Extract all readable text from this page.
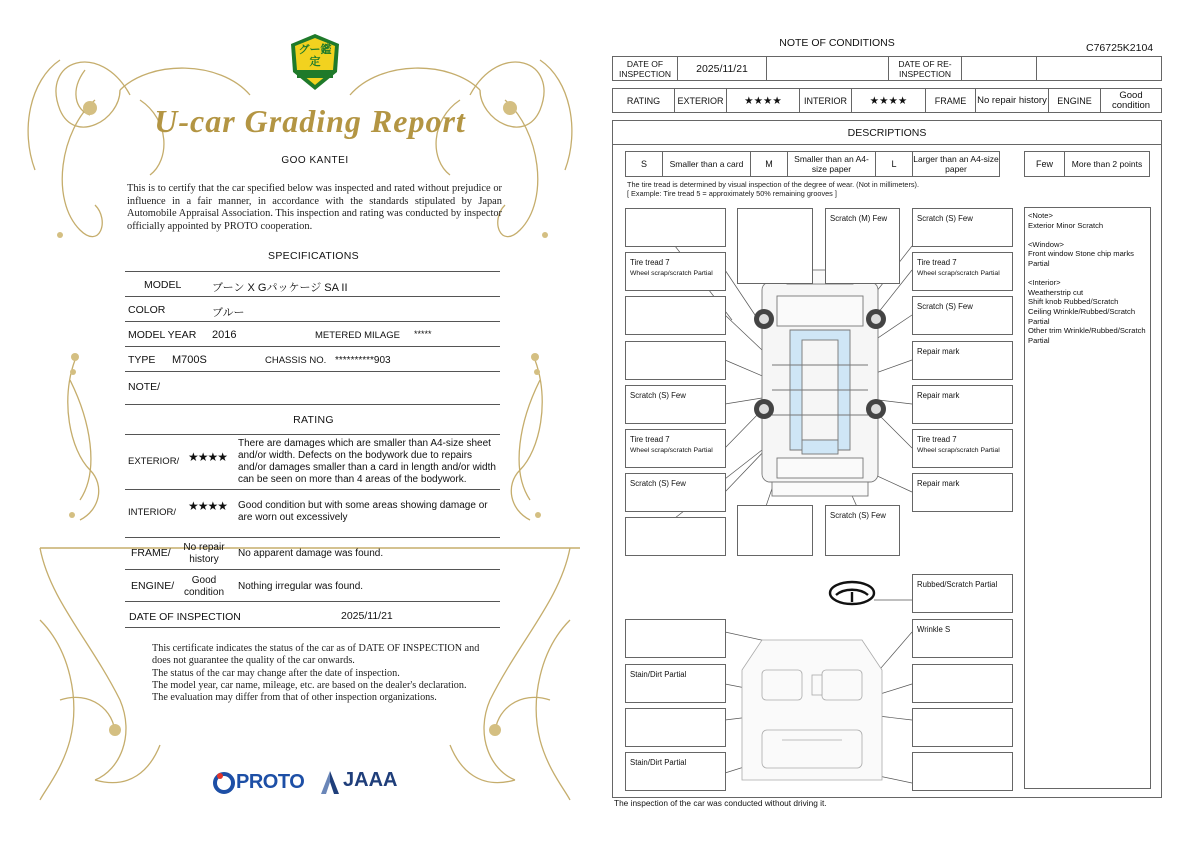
グー鑑定
U-car Grading Report
GOO KANTEI
This is to certify that the car specified below was inspected and rated without prejudice or influence in a fair manner, in accordance with the standards stipulated by Japan Automobile Appraisal Association. This inspection and rating was conducted by inspector officially appointed by PROTO cooperation.
SPECIFICATIONS
MODEL	ブーン X Gパッケージ SA II
COLOR	ブルー
MODEL YEAR 2016	METERED MILAGE *****
TYPE M700S	CHASSIS NO. **********903
NOTE/
RATING
EXTERIOR/ ★★★★
There are damages which are smaller than A4-size sheet and/or width. Defects on the bodywork due to repairs and/or damages smaller than a card in length and/or width can be seen on more than 4 areas of the bodywork.
INTERIOR/ ★★★★ Good condition but with some areas showing damage or are worn out excessively
FRAME/	No repair history
No apparent damage was found.
ENGINE/	Good condition
Nothing irregular was found.
DATE OF INSPECTION	2025/11/21
This certificate indicates the status of the car as of DATE OF INSPECTION and does not guarantee the quality of the car onwards.
The status of the car may change after the date of inspection.
The model year, car name, mileage, etc. are based on the dealer's declaration.
The evaluation may differ from that of other inspection organizations.
PROTO JAAA
NOTE OF CONDITIONS	C76725K2104
DATE OF INSPECTION	2025/11/21	DATE OF RE-INSPECTION
RATING	EXTERIOR	★★★★	INTERIOR	★★★★	FRAME	No repair history	ENGINE	Good condition
DESCRIPTIONS
S	Smaller than a card	M	Smaller than an A4-size paper	L	Larger than an A4-size paper	Few	More than 2 points
The tire tread is determined by visual inspection of the degree of wear. (Not in millimeters).
[ Example: Tire tread 5 = approximately 50% remaining grooves ]
Scratch (M) Few	Scratch (S) Few
Tire tread 7
Wheel scrap/scratch Partial
Tire tread 7
Wheel scrap/scratch Partial
Scratch (S) Few
Repair mark
Scratch (S) Few	Repair mark
Tire tread 7
Wheel scrap/scratch Partial
Tire tread 7
Wheel scrap/scratch Partial
Scratch (S) Few	Repair mark
Scratch (S) Few
Rubbed/Scratch Partial
Wrinkle S
Stain/Dirt Partial
Stain/Dirt Partial
<Note>
Exterior Minor Scratch
<Window>
Front window Stone chip marks Partial
<Interior>
Weatherstrip cut
Shift knob Rubbed/Scratch
Ceiling Wrinkle/Rubbed/Scratch Partial
Other trim Wrinkle/Rubbed/Scratch Partial
The inspection of the car was conducted without driving it.
